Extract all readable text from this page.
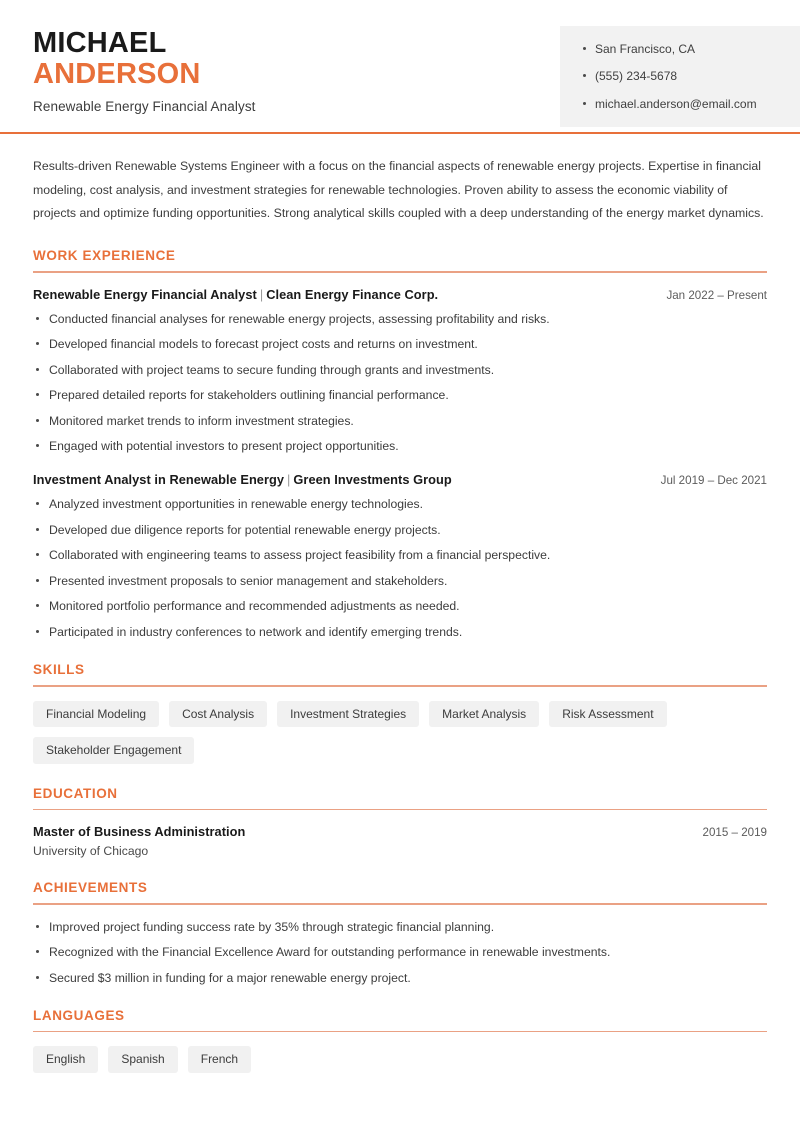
MICHAEL
ANDERSON
Renewable Energy Financial Analyst
San Francisco, CA
(555) 234-5678
michael.anderson@email.com

Results-driven Renewable Systems Engineer with a focus on the financial aspects of renewable energy projects. Expertise in financial modeling, cost analysis, and investment strategies for renewable technologies. Proven ability to assess the economic viability of projects and optimize funding opportunities. Strong analytical skills coupled with a deep understanding of the energy market dynamics.

WORK EXPERIENCE
Renewable Energy Financial Analyst | Clean Energy Finance Corp.	Jan 2022 – Present
Conducted financial analyses for renewable energy projects, assessing profitability and risks.
Developed financial models to forecast project costs and returns on investment.
Collaborated with project teams to secure funding through grants and investments.
Prepared detailed reports for stakeholders outlining financial performance.
Monitored market trends to inform investment strategies.
Engaged with potential investors to present project opportunities.
Investment Analyst in Renewable Energy | Green Investments Group	Jul 2019 – Dec 2021
Analyzed investment opportunities in renewable energy technologies.
Developed due diligence reports for potential renewable energy projects.
Collaborated with engineering teams to assess project feasibility from a financial perspective.
Presented investment proposals to senior management and stakeholders.
Monitored portfolio performance and recommended adjustments as needed.
Participated in industry conferences to network and identify emerging trends.
SKILLS
Financial Modeling	Cost Analysis	Investment Strategies	Market Analysis	Risk Assessment
Stakeholder Engagement
EDUCATION
Master of Business Administration	2015 – 2019
University of Chicago
ACHIEVEMENTS
Improved project funding success rate by 35% through strategic financial planning.
Recognized with the Financial Excellence Award for outstanding performance in renewable investments.
Secured $3 million in funding for a major renewable energy project.
LANGUAGES
English	Spanish	French
